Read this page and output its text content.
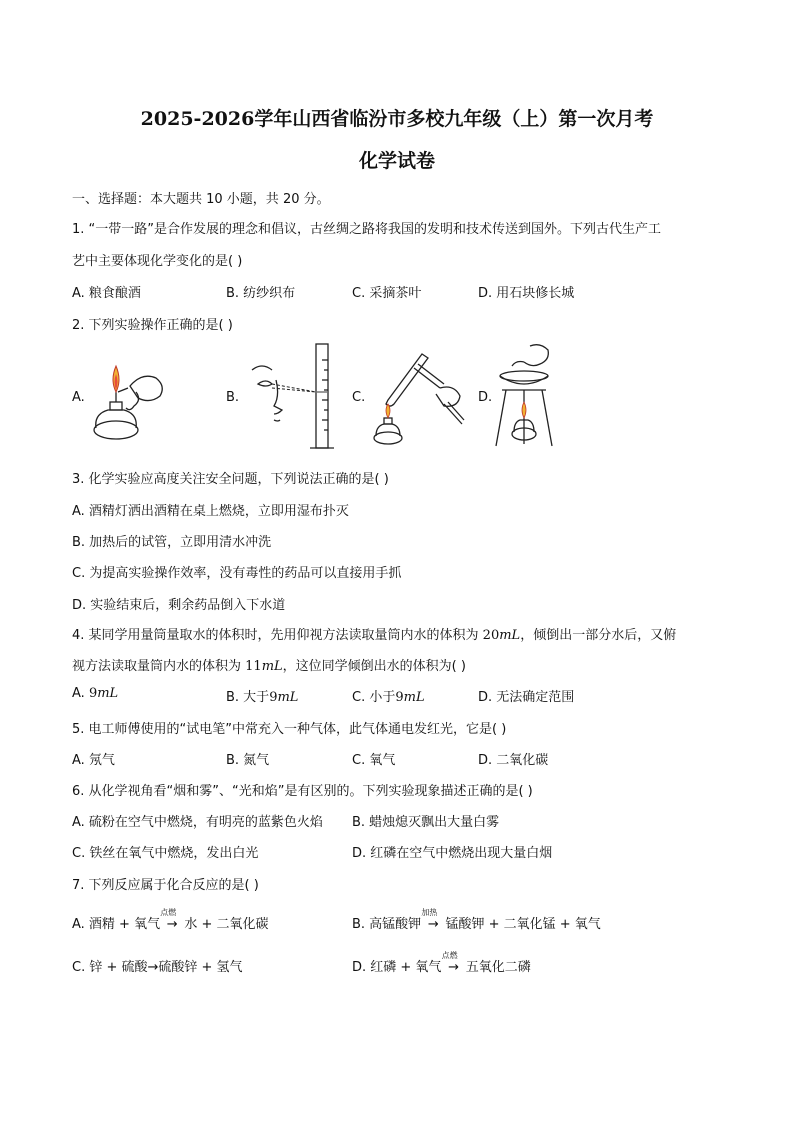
2025-2026学年山西省临汾市多校九年级（上）第一次月考
化学试卷
一、选择题：本大题共 10 小题，共 20 分。
1. “一带一路”是合作发展的理念和倡议，古丝绸之路将我国的发明和技术传送到国外。下列古代生产工
艺中主要体现化学变化的是( )
A. 粮食酿酒	B. 纺纱织布	C. 采摘茶叶	D. 用石块修长城
2. 下列实验操作正确的是( )
A.	B.	C.	D.
3. 化学实验应高度关注安全问题，下列说法正确的是( )
A. 酒精灯洒出酒精在桌上燃烧，立即用湿布扑灭
B. 加热后的试管，立即用清水冲洗
C. 为提高实验操作效率，没有毒性的药品可以直接用手抓
D. 实验结束后，剩余药品倒入下水道
4. 某同学用量筒量取水的体积时，先用仰视方法读取量筒内水的体积为 20mL，倾倒出一部分水后，又俯
视方法读取量筒内水的体积为 11mL，这位同学倾倒出水的体积为( )
A. 9mL	B. 大于9mL	C. 小于9mL	D. 无法确定范围
5. 电工师傅使用的“试电笔”中常充入一种气体，此气体通电发红光，它是( )
A. 氖气	B. 氮气	C. 氧气	D. 二氧化碳
6. 从化学视角看“烟和雾”、“光和焰”是有区别的。下列实验现象描述正确的是( )
A. 硫粉在空气中燃烧，有明亮的蓝紫色火焰 B. 蜡烛熄灭飘出大量白雾
C. 铁丝在氧气中燃烧，发出白光	D. 红磷在空气中燃烧出现大量白烟
7. 下列反应属于化合反应的是( )
A. 酒精 + 氧气
点燃
→ 水 + 二氧化碳	B. 高锰酸钾
加热
→ 锰酸钾 + 二氧化锰 + 氧气
C. 锌 + 硫酸→硫酸锌 + 氢气	D. 红磷 + 氧气
点燃
→ 五氧化二磷
